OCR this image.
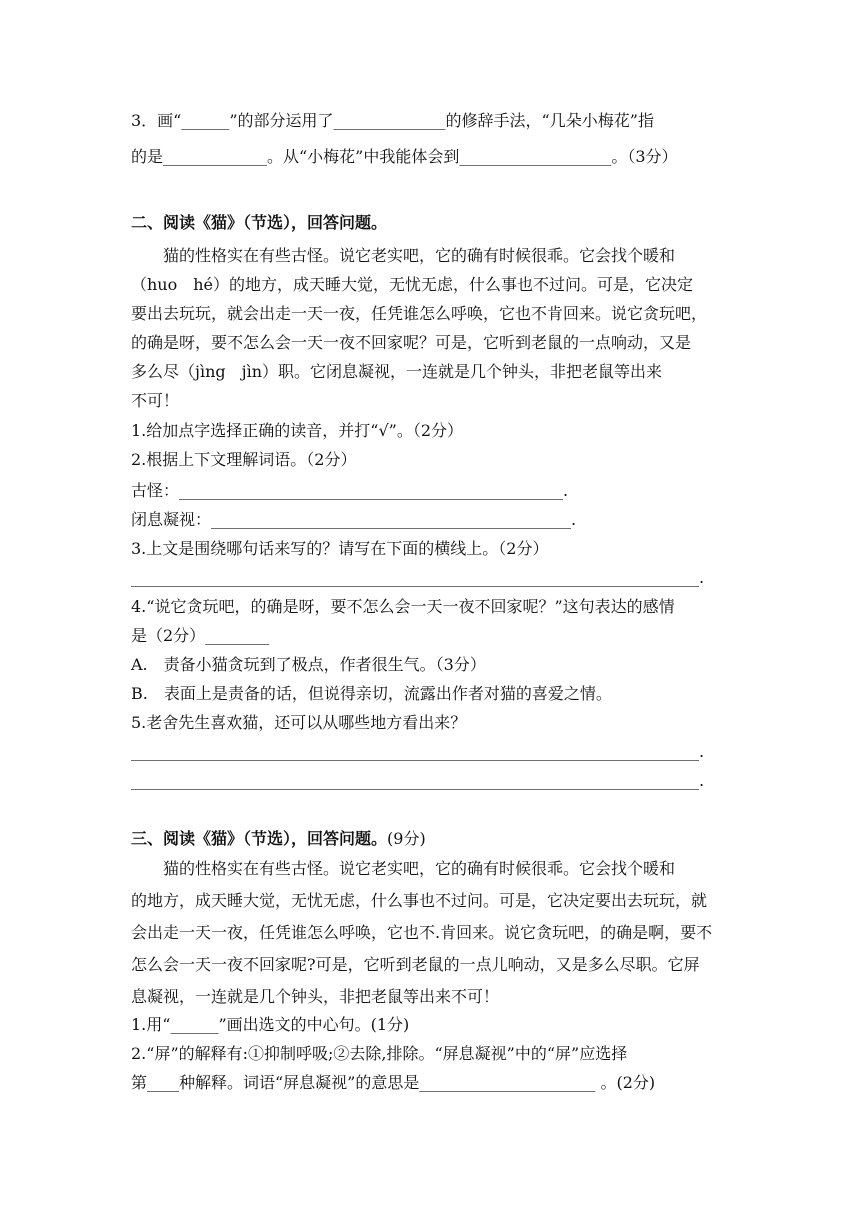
3．画“______”的部分运用了______________的修辞手法，“几朵小梅花”指
的是_____________。从“小梅花”中我能体会到___________________。（3分）
二、阅读《猫》（节选），回答问题。
　　猫的性格实在有些古怪。说它老实吧，它的确有时候很乖。它会找个暖和
（huo　hé）的地方，成天睡大觉，无忧无虑，什么事也不过问。可是，它决定
要出去玩玩，就会出走一天一夜，任凭谁怎么呼唤，它也不肯回来。说它贪玩吧，
的确是呀，要不怎么会一天一夜不回家呢？可是，它听到老鼠的一点响动，又是
多么尽（jìng　jìn）职。它闭息凝视，一连就是几个钟头，非把老鼠等出来
不可！
1.给加点字选择正确的读音，并打“√”。（2分）
2.根据上下文理解词语。（2分）
古怪：________________________________________________.
闭息凝视：_____________________________________________.
3.上文是围绕哪句话来写的？请写在下面的横线上。（2分）
_______________________________________________________________________.
4.“说它贪玩吧，的确是呀，要不怎么会一天一夜不回家呢？”这句表达的感情
是（2分）________
A.　责备小猫贪玩到了极点，作者很生气。（3分）
B.　表面上是责备的话，但说得亲切，流露出作者对猫的喜爱之情。
5.老舍先生喜欢猫，还可以从哪些地方看出来？
_______________________________________________________________________.
_______________________________________________________________________.
三、阅读《猫》（节选），回答问题。(9分)
　　猫的性格实在有些古怪。说它老实吧，它的确有时候很乖。它会找个暖和
的地方，成天睡大觉，无忧无虑，什么事也不过问。可是，它决定要出去玩玩，就
会出走一天一夜，任凭谁怎么呼唤，它也不.肯回来。说它贪玩吧，的确是啊，要不
怎么会一天一夜不回家呢?可是，它听到老鼠的一点儿响动，又是多么尽职。它屏
息凝视，一连就是几个钟头，非把老鼠等出来不可！
1.用“______”画出选文的中心句。(1分)
2.“屏”的解释有:①抑制呼吸;②去除,排除。“屏息凝视”中的“屏”应选择
第____种解释。词语“屏息凝视”的意思是______________________ 。(2分)
